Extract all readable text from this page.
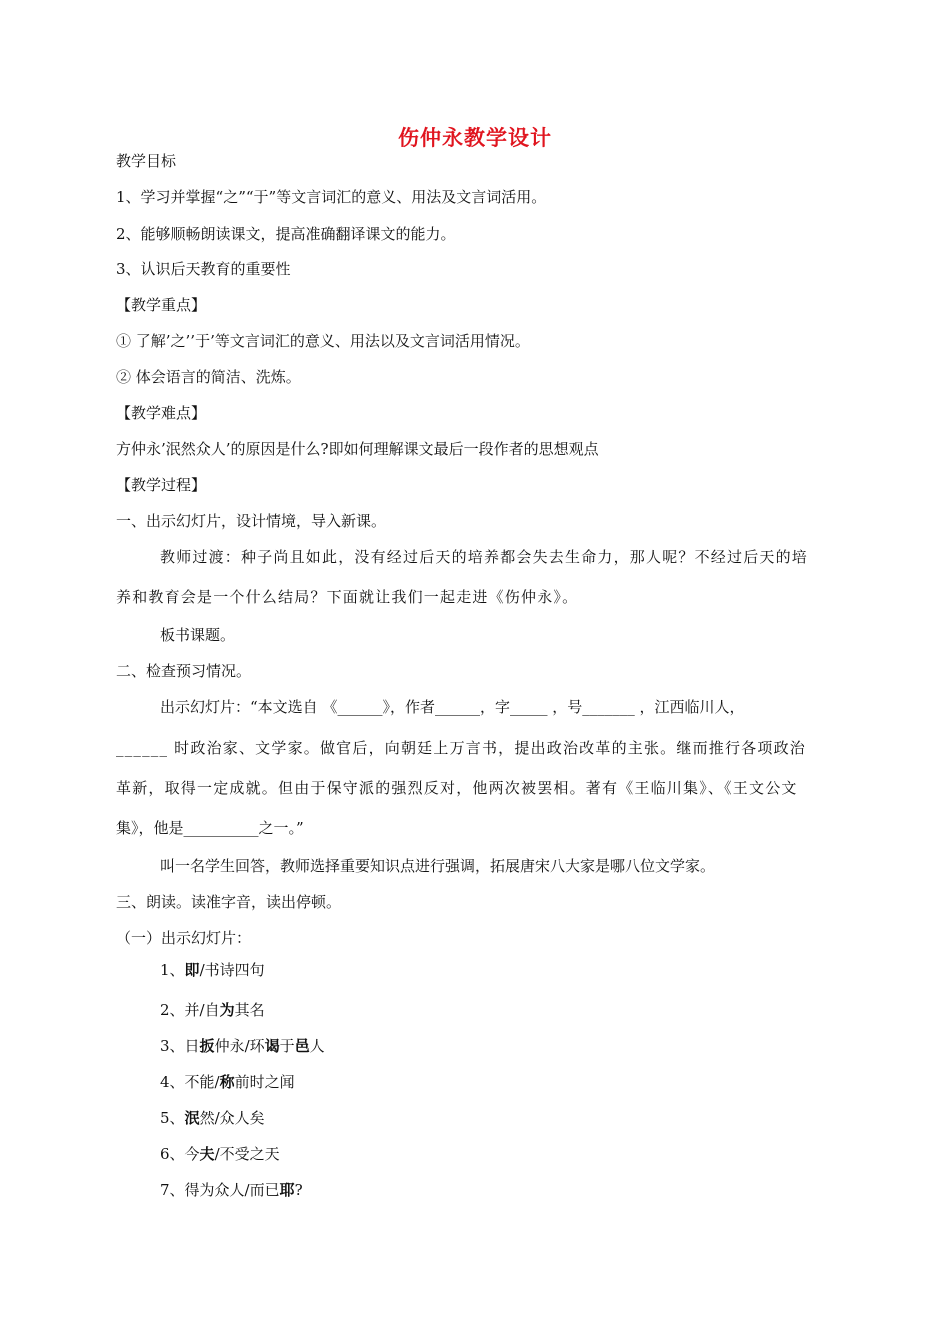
伤仲永教学设计
教学目标
1、学习并掌握“之”“于”等文言词汇的意义、用法及文言词活用。
2、能够顺畅朗读课文，提高准确翻译课文的能力。
3、认识后天教育的重要性
【教学重点】
① 了解’之’’于’等文言词汇的意义、用法以及文言词活用情况。
② 体会语言的简洁、洗炼。
【教学难点】
方仲永’泯然众人’的原因是什么?即如何理解课文最后一段作者的思想观点
【教学过程】
一、出示幻灯片，设计情境，导入新课。
教师过渡：种子尚且如此，没有经过后天的培养都会失去生命力，那人呢？不经过后天的培
养和教育会是一个什么结局？下面就让我们一起走进《伤仲永》。
板书课题。
二、检查预习情况。
出示幻灯片：“本文选自 《______》，作者______，字_____ ，号_______ ，江西临川人，
______ 时政治家、文学家。做官后，向朝廷上万言书，提出政治改革的主张。继而推行各项政治
革新，取得一定成就。但由于保守派的强烈反对，他两次被罢相。著有《王临川集》、《王文公文
集》，他是__________之一。”
叫一名学生回答，教师选择重要知识点进行强调，拓展唐宋八大家是哪八位文学家。
三、朗读。读准字音，读出停顿。
（一）出示幻灯片：
1、即/书诗四句
2、并/自为其名
3、日扳仲永/环谒于邑人
4、不能/称前时之闻
5、泯然/众人矣
6、今夫/不受之天
7、得为众人/而已耶?
